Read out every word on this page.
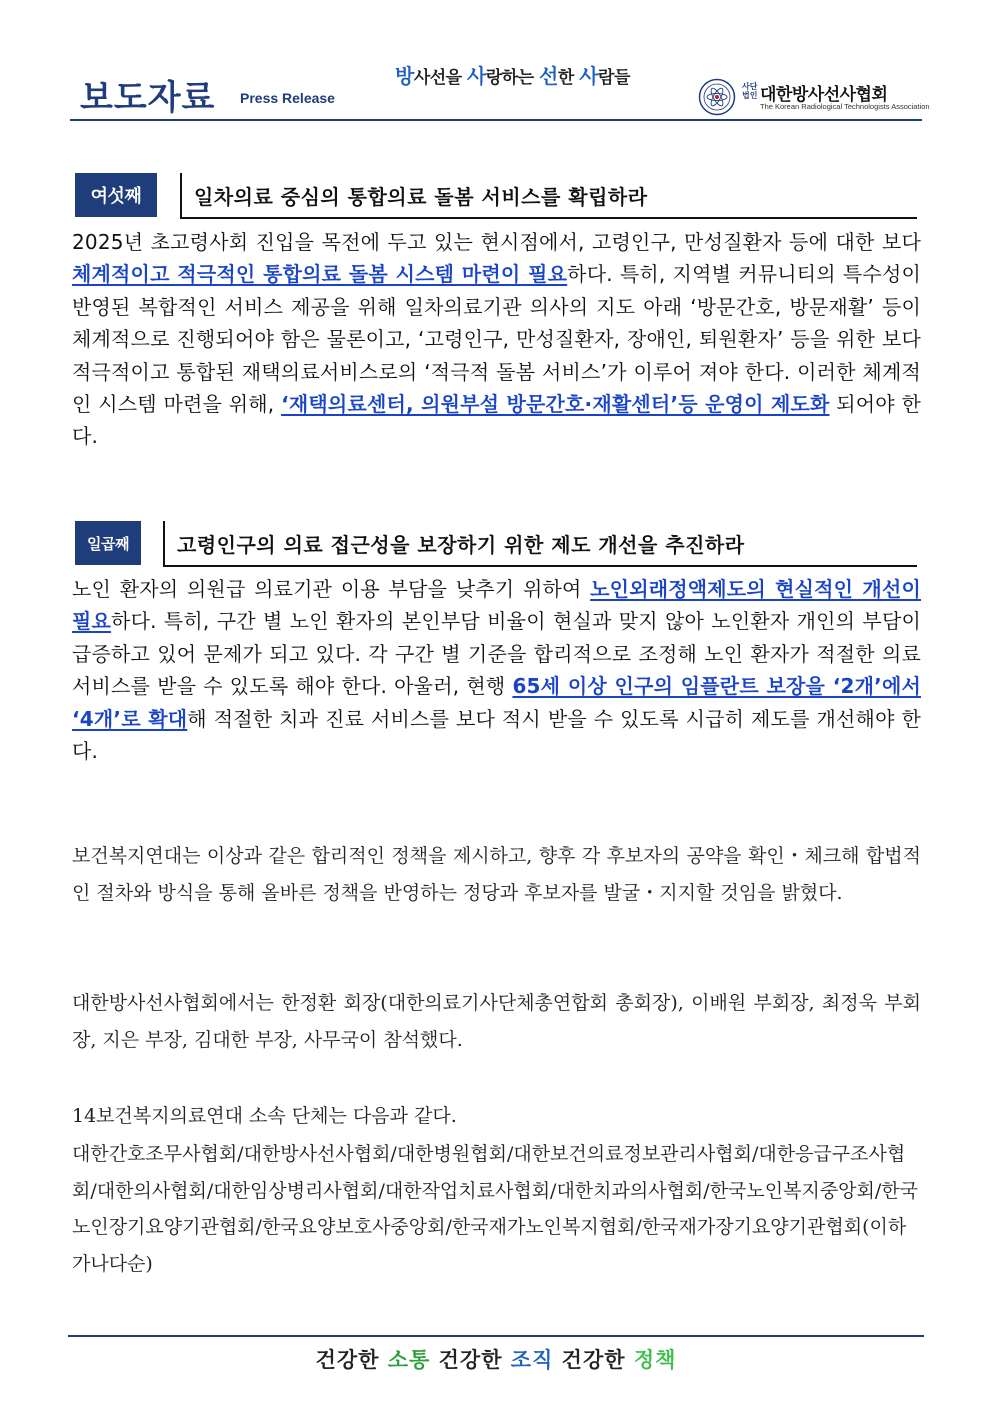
보도자료 Press Release
방사선을 사랑하는 선한 사람들	사단법인 대한방사선사협회
The Korean Radiological Technologists Association
여섯째	일차의료 중심의 통합의료 돌봄 서비스를 확립하라
2025년 초고령사회 진입을 목전에 두고 있는 현시점에서, 고령인구, 만성질환자 등에 대한 보다 체계적이고 적극적인 통합의료 돌봄 시스템 마련이 필요하다. 특히, 지역별 커뮤니티의 특수성이 반영된 복합적인 서비스 제공을 위해 일차의료기관 의사의 지도 아래 ‘방문간호, 방문재활’ 등이 체계적으로 진행되어야 함은 물론이고, ‘고령인구, 만성질환자, 장애인, 퇴원환자’ 등을 위한 보다 적극적이고 통합된 재택의료서비스로의 ‘적극적 돌봄 서비스’가 이루어 져야 한다. 이러한 체계적인 시스템 마련을 위해, ‘재택의료센터, 의원부설 방문간호·재활센터’등 운영이 제도화 되어야 한다.
일곱째	고령인구의 의료 접근성을 보장하기 위한 제도 개선을 추진하라
노인 환자의 의원급 의료기관 이용 부담을 낮추기 위하여 노인외래정액제도의 현실적인 개선이 필요하다. 특히, 구간 별 노인 환자의 본인부담 비율이 현실과 맞지 않아 노인환자 개인의 부담이 급증하고 있어 문제가 되고 있다. 각 구간 별 기준을 합리적으로 조정해 노인 환자가 적절한 의료서비스를 받을 수 있도록 해야 한다. 아울러, 현행 65세 이상 인구의 임플란트 보장을 ‘2개’에서 ‘4개’로 확대해 적절한 치과 진료 서비스를 보다 적시 받을 수 있도록 시급히 제도를 개선해야 한다.
보건복지연대는 이상과 같은 합리적인 정책을 제시하고, 향후 각 후보자의 공약을 확인・체크해 합법적인 절차와 방식을 통해 올바른 정책을 반영하는 정당과 후보자를 발굴・지지할 것임을 밝혔다.
대한방사선사협회에서는 한정환 회장(대한의료기사단체총연합회 총회장), 이배원 부회장, 최정욱 부회장, 지은 부장, 김대한 부장, 사무국이 참석했다.
14보건복지의료연대 소속 단체는 다음과 같다.
대한간호조무사협회/대한방사선사협회/대한병원협회/대한보건의료정보관리사협회/대한응급구조사협회/대한의사협회/대한임상병리사협회/대한작업치료사협회/대한치과의사협회/한국노인복지중앙회/한국노인장기요양기관협회/한국요양보호사중앙회/한국재가노인복지협회/한국재가장기요양기관협회(이하 가나다순)
건강한 소통 건강한 조직 건강한 정책
